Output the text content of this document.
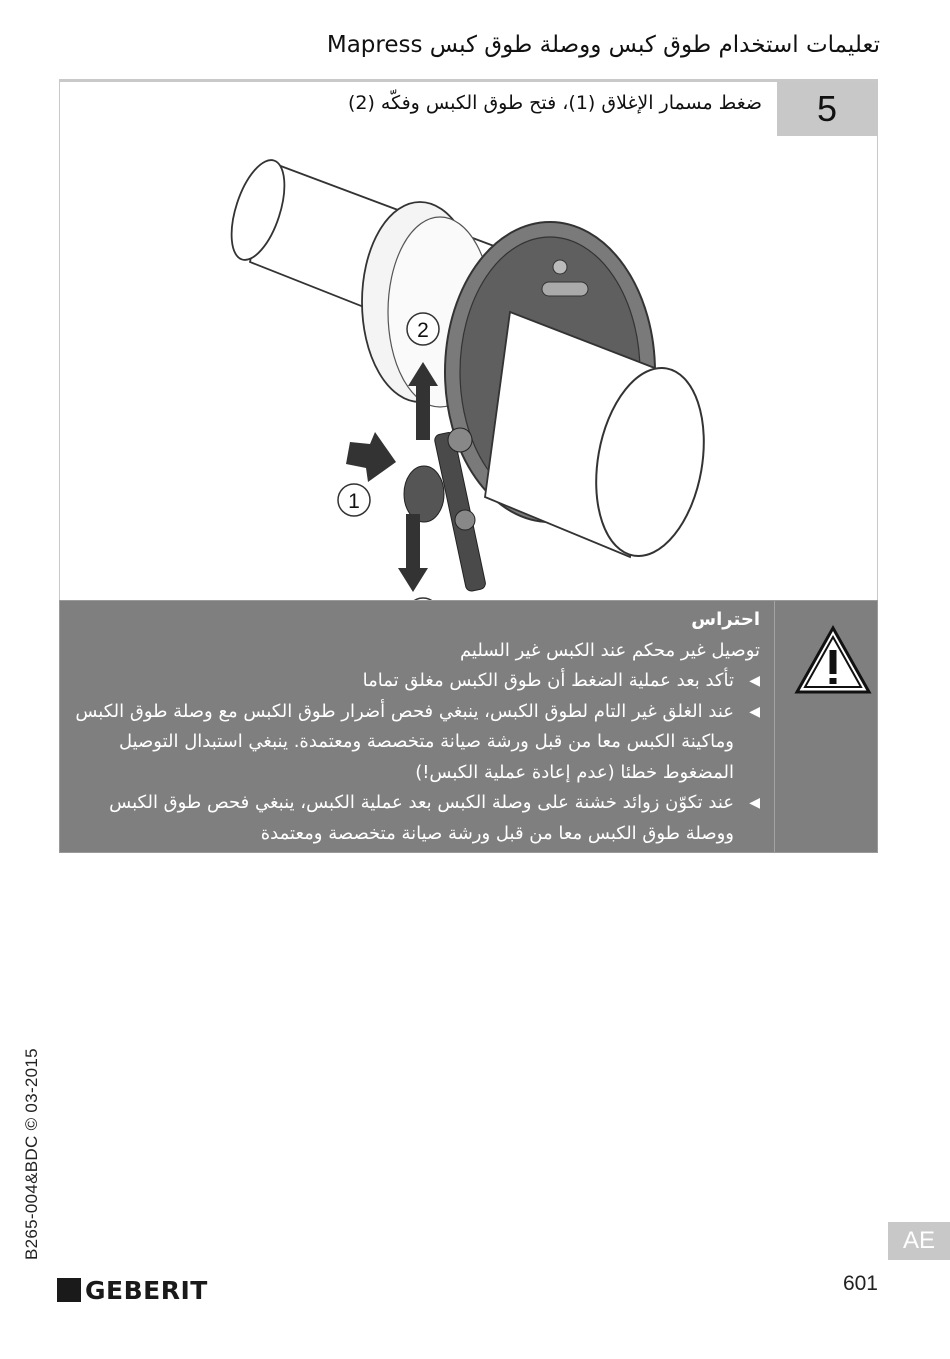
تعليمات استخدام طوق كبس ووصلة طوق كبس Mapress
5
ضغط مسمار الإغلاق (1)، فتح طوق الكبس وفكّه (2)
1
2
احتراس
توصيل غير محكم عند الكبس غير السليم
◀
تأكد بعد عملية الضغط أن طوق الكبس مغلق تماما
◀
عند الغلق غير التام لطوق الكبس، ينبغي فحص أضرار طوق الكبس مع وصلة طوق الكبس وماكينة الكبس معا من قبل ورشة صيانة متخصصة ومعتمدة. ينبغي استبدال التوصيل المضغوط خطئا (عدم إعادة عملية الكبس!)
◀
عند تكوّن زوائد خشنة على وصلة الكبس بعد عملية الكبس، ينبغي فحص طوق الكبس ووصلة طوق الكبس معا من قبل ورشة صيانة متخصصة ومعتمدة
B265-004&BDC © 03-2015
GEBERIT
AE
601
